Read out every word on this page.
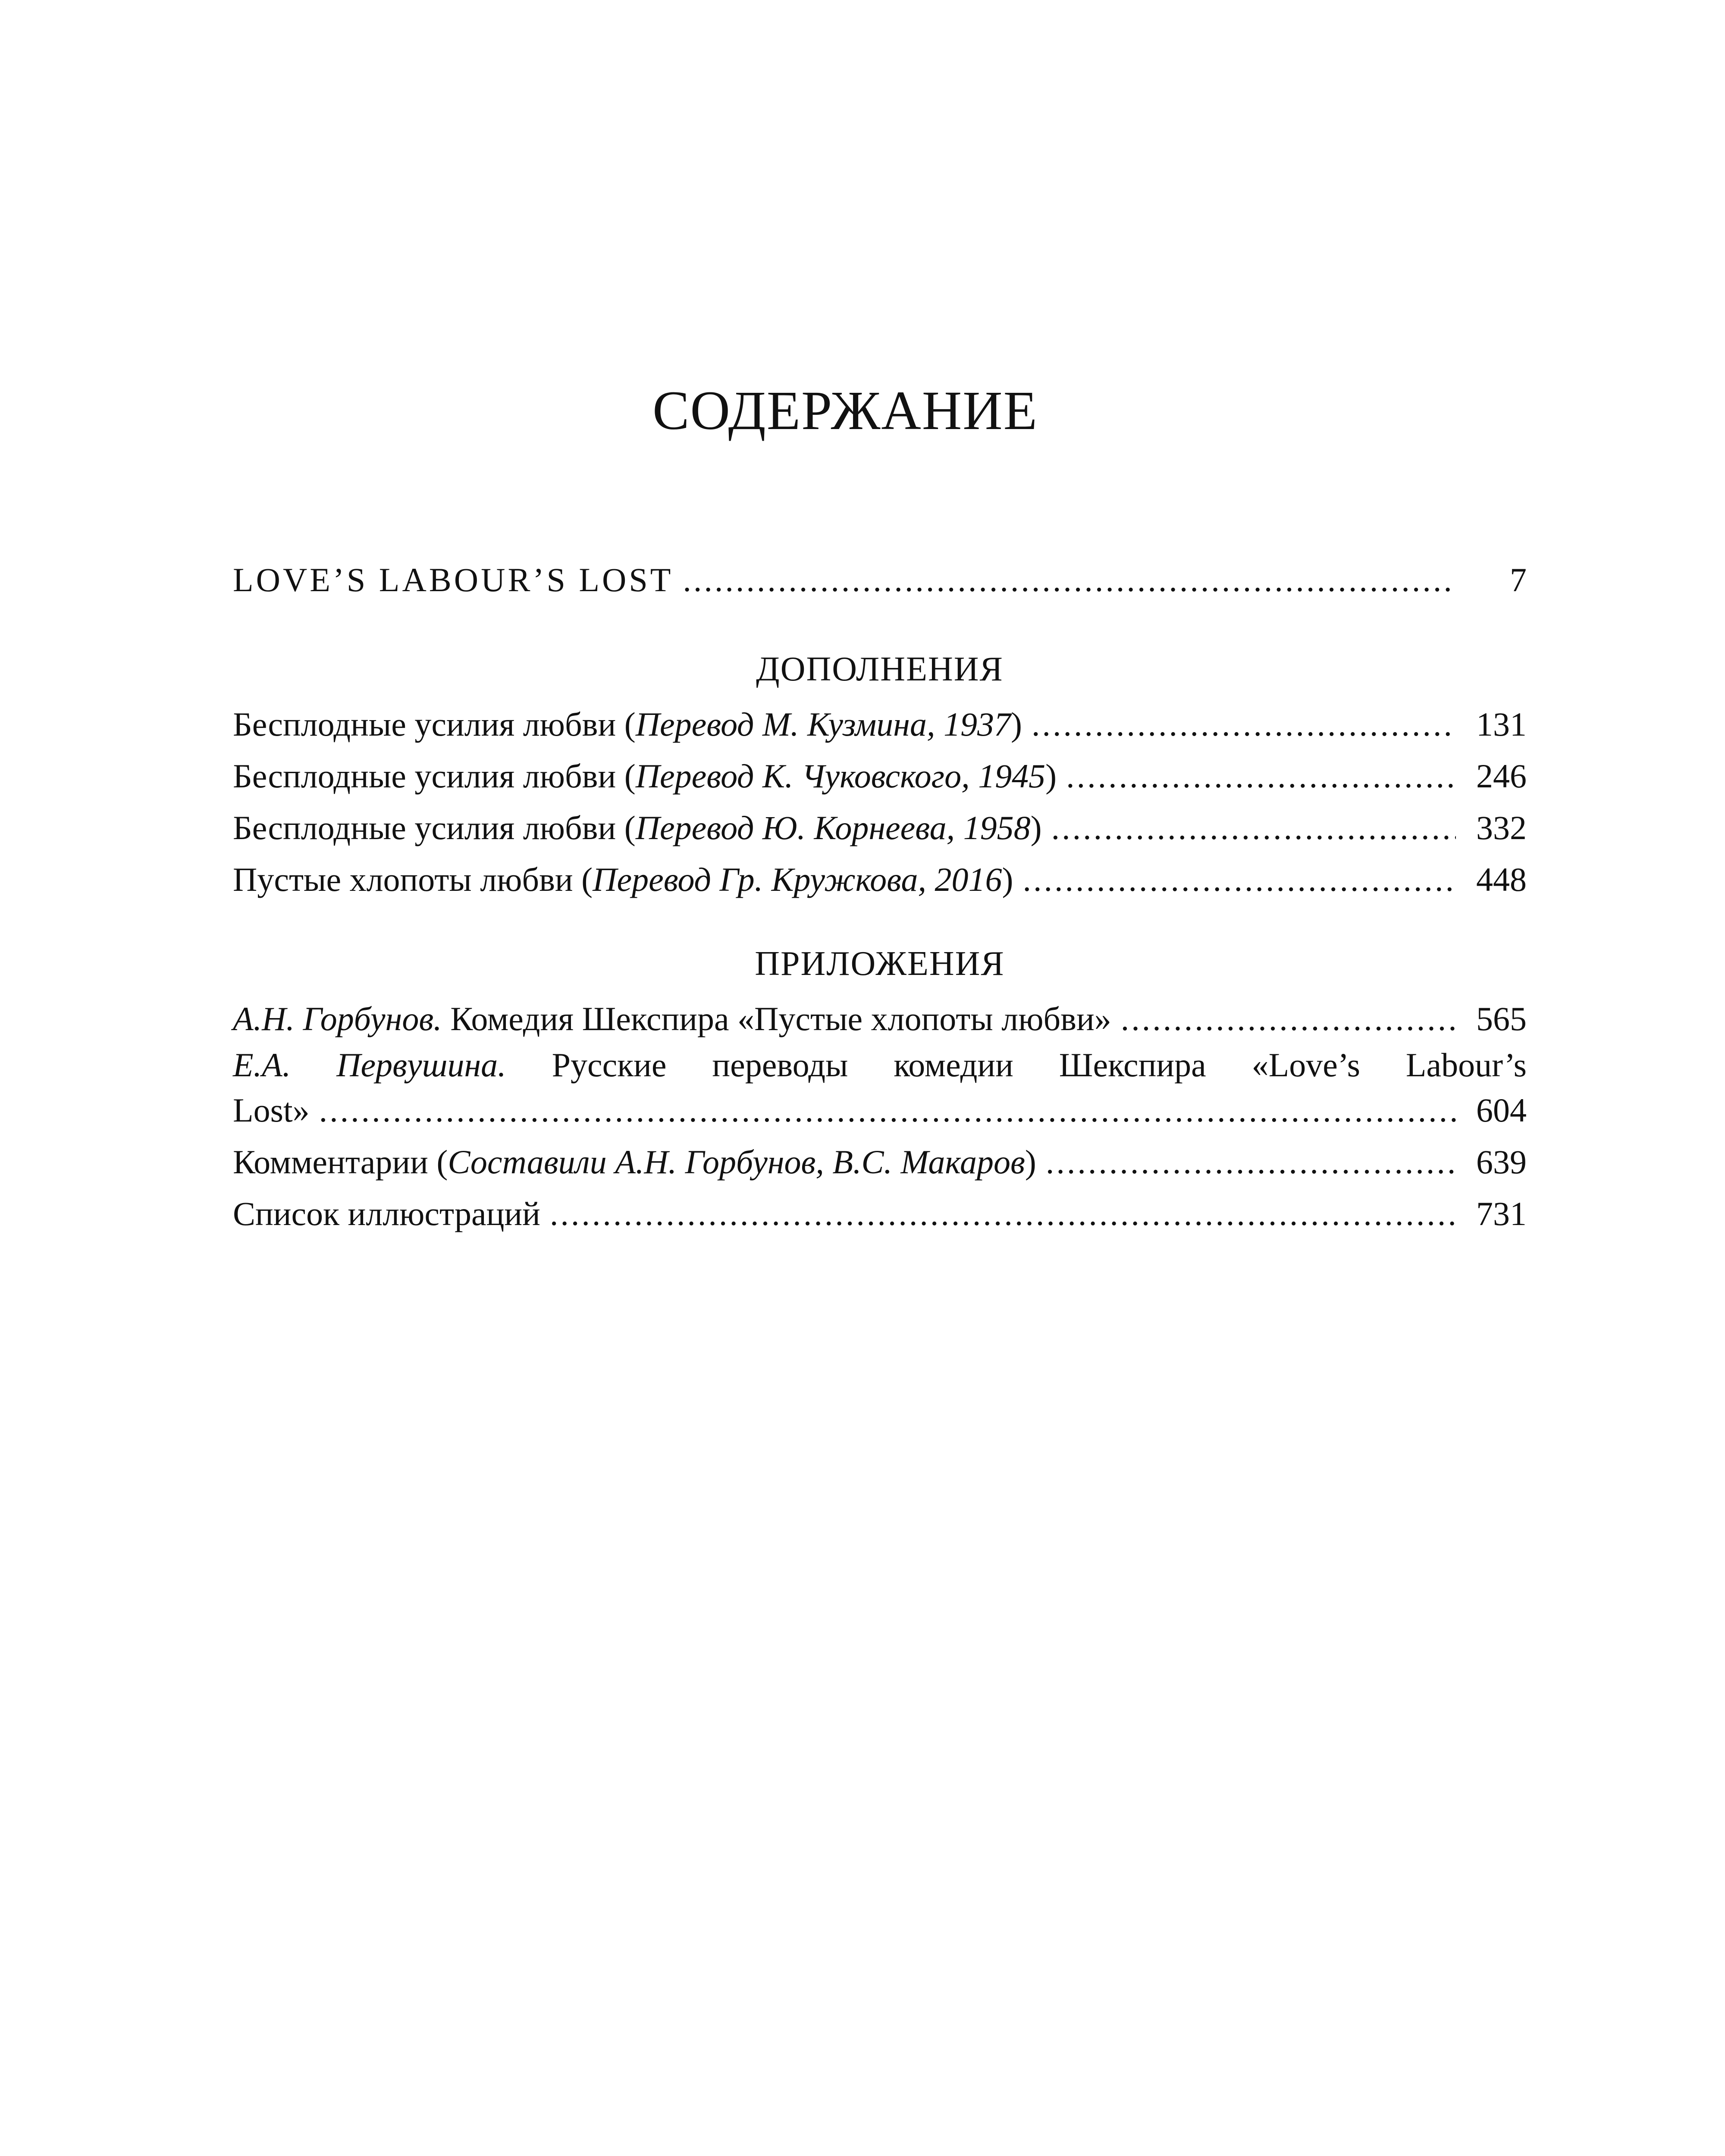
СОДЕРЖАНИЕ
LOVE’S LABOUR’S LOST .....	7
ДОПОЛНЕНИЯ
Бесплодные усилия любви (Перевод М. Кузмина, 1937) .....	131
Бесплодные усилия любви (Перевод К. Чуковского, 1945) .....	246
Бесплодные усилия любви (Перевод Ю. Корнеева, 1958) .....	332
Пустые хлопоты любви (Перевод Гр. Кружкова, 2016) .....	448
ПРИЛОЖЕНИЯ
А.Н. Горбунов. Комедия Шекспира «Пустые хлопоты любви» .....	565
Е.А. Первушина. Русские переводы комедии Шекспира «Love’s Labour’s
Lost» .....	604
Комментарии (Составили А.Н. Горбунов, В.С. Макаров) .....	639
Список иллюстраций .....	731
